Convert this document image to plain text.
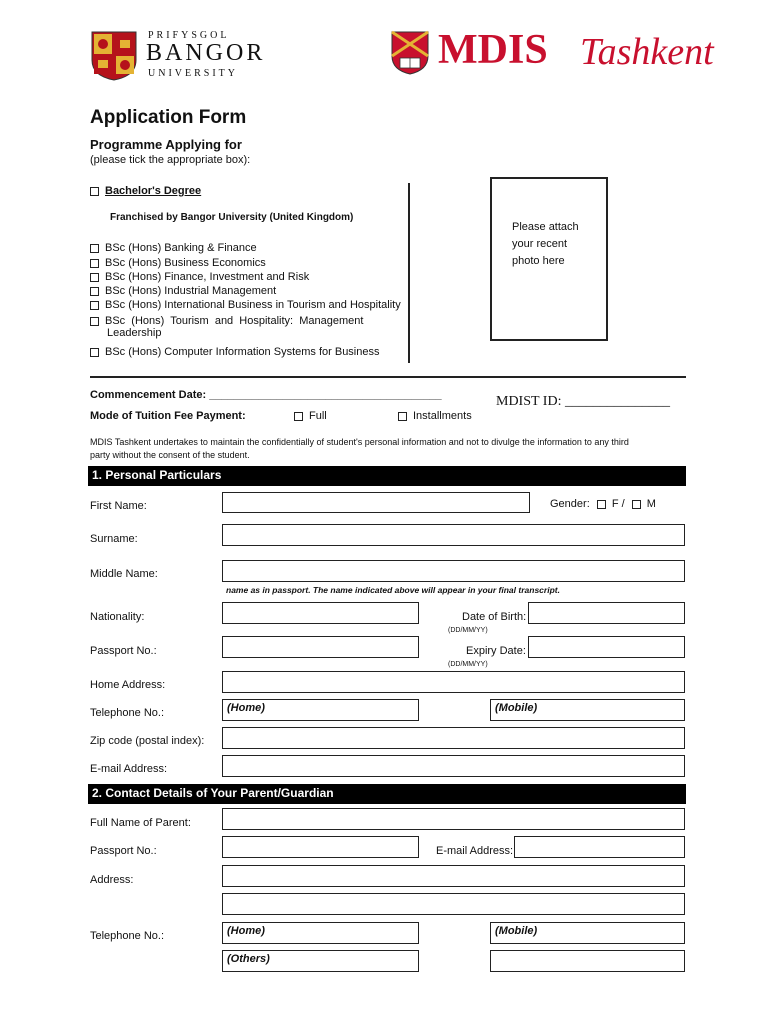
PRIFYSGOL
BANGOR
UNIVERSITY
MDIS Tashkent
Application Form
Programme Applying for
(please tick the appropriate box):
Bachelor's Degree
Franchised by Bangor University (United Kingdom)
BSc (Hons) Banking & Finance
BSc (Hons) Business Economics
BSc (Hons) Finance, Investment and Risk
BSc (Hons) Industrial Management
BSc (Hons) International Business in Tourism and Hospitality
BSc  (Hons)  Tourism  and  Hospitality:  Management
Leadership
BSc (Hons) Computer Information Systems for Business
Please attach
your recent
photo here
Commencement Date: ______________________________________	MDIST ID: _______________
Mode of Tuition Fee Payment:	Full	Installments
MDIS Tashkent undertakes to maintain the confidentially of student's personal information and not to divulge the information to any third
party without the consent of the student.
1. Personal Particulars
First Name:	Gender: F / M
Surname:
Middle Name:
name as in passport. The name indicated above will appear in your final transcript.
Nationality:	Date of Birth:
(DD/MM/YY)
Passport No.:	Expiry Date:
(DD/MM/YY)
Home Address:
Telephone No.:	(Home)	(Mobile)
Zip code (postal index):
E-mail Address:
2. Contact Details of Your Parent/Guardian
Full Name of Parent:
Passport No.:	E-mail Address:
Address:
Telephone No.:	(Home)	(Mobile)
(Others)
